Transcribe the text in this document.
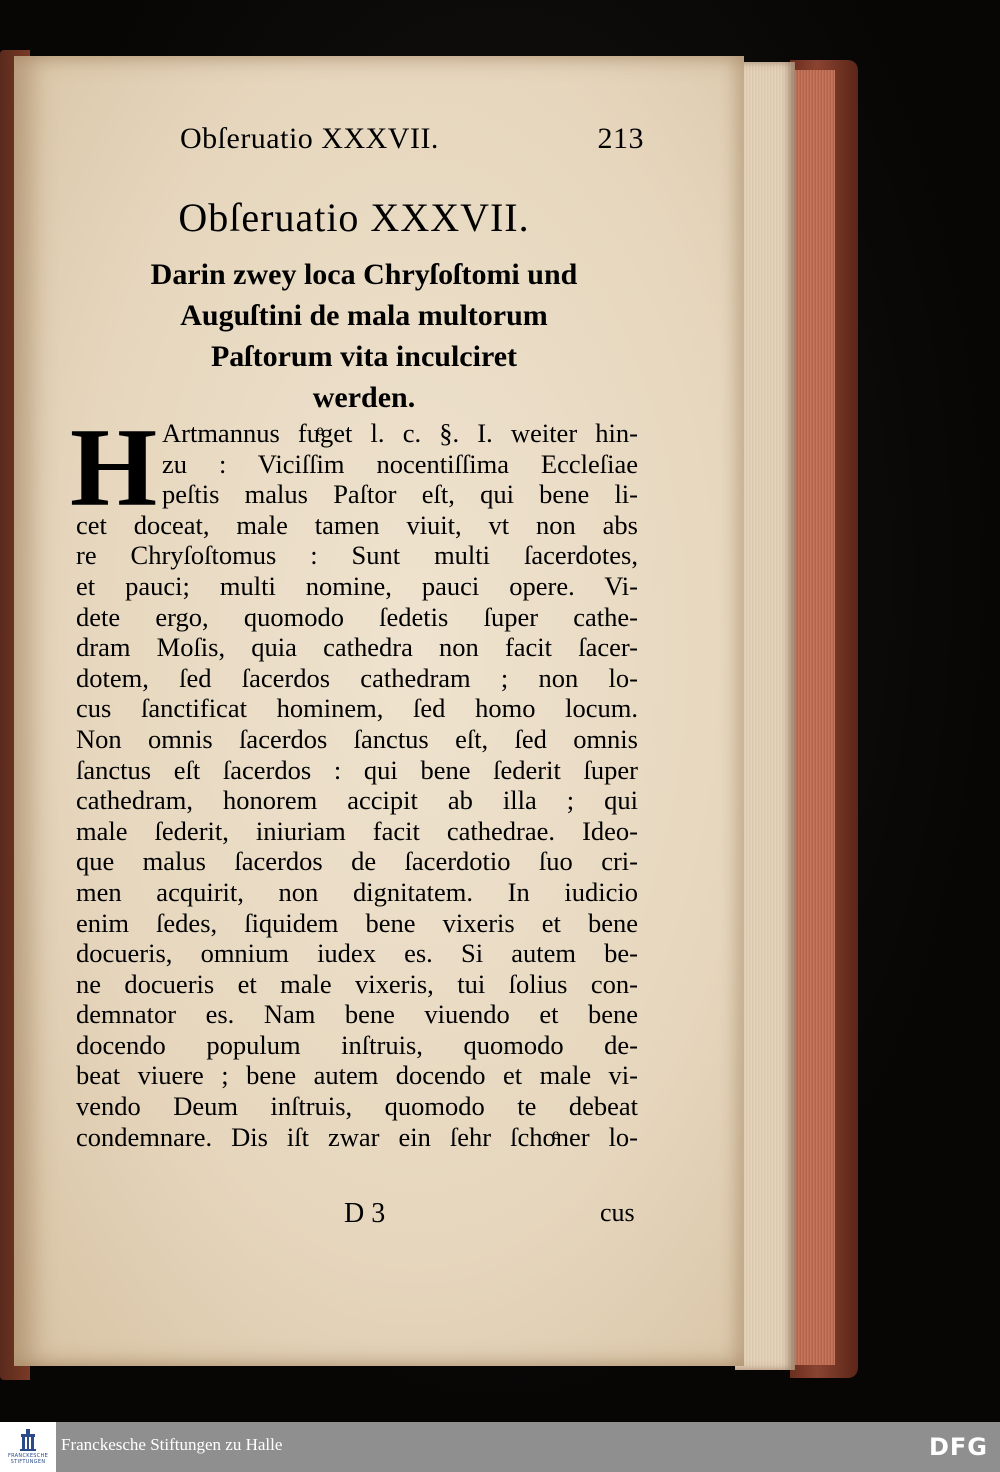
Obſeruatio XXXVII.	213
Obſeruatio XXXVII.
Darin zwey loca Chryſoſtomi und
Auguſtini de mala multorum
Paſtorum vita inculciret
werden.
H Artmannus fuͤget l. c. §. I. weiter hin-
zu : Viciſſim nocentiſſima Eccleſiae
peſtis malus Paſtor eſt, qui bene li-
cet doceat, male tamen viuit, vt non abs
re Chryſoſtomus : Sunt multi ſacerdotes,
et pauci; multi nomine, pauci opere. Vi-
dete ergo, quomodo ſedetis ſuper cathe-
dram Moſis, quia cathedra non facit ſacer-
dotem, ſed ſacerdos cathedram ; non lo-
cus ſanctificat hominem, ſed homo locum.
Non omnis ſacerdos ſanctus eſt, ſed omnis
ſanctus eſt ſacerdos : qui bene ſederit ſuper
cathedram, honorem accipit ab illa ; qui
male ſederit, iniuriam facit cathedrae. Ideo-
que malus ſacerdos de ſacerdotio ſuo cri-
men acquirit, non dignitatem. In iudicio
enim ſedes, ſiquidem bene vixeris et bene
docueris, omnium iudex es. Si autem be-
ne docueris et male vixeris, tui ſolius con-
demnator es. Nam bene viuendo et bene
docendo populum inſtruis, quomodo de-
beat viuere ; bene autem docendo et male vi-
vendo Deum inſtruis, quomodo te debeat
condemnare. Dis iſt zwar ein ſehr ſchoͤner lo-
D 3	cus
FRANCKESCHE STIFTUNGEN
Franckesche Stiftungen zu Halle	DFG
